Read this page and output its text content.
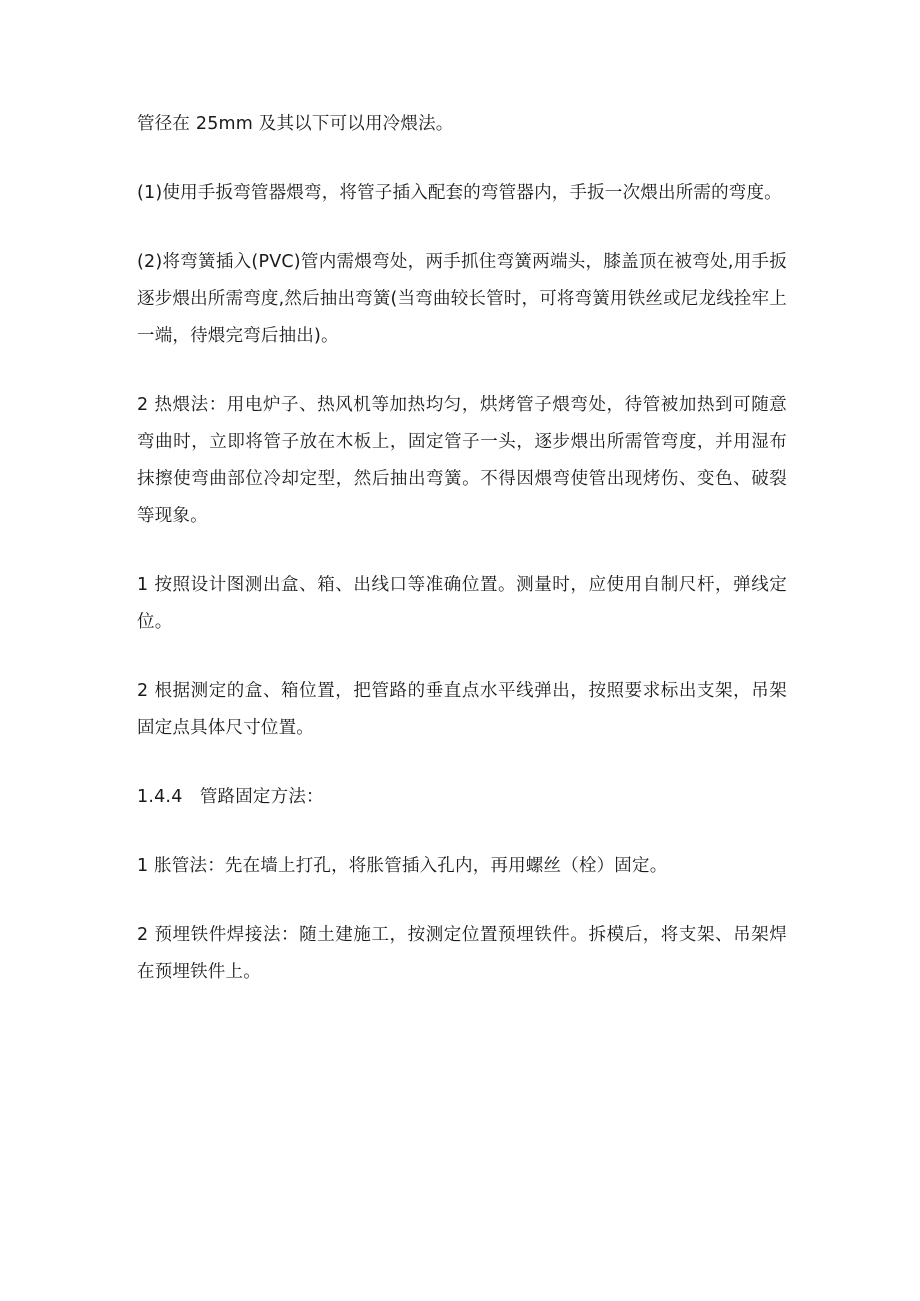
管径在 25mm 及其以下可以用冷煨法。

(1)使用手扳弯管器煨弯，将管子插入配套的弯管器内，手扳一次煨出所需的弯度。

(2)将弯簧插入(PVC)管内需煨弯处，两手抓住弯簧两端头，膝盖顶在被弯处,用手扳逐步煨出所需弯度,然后抽出弯簧(当弯曲较长管时，可将弯簧用铁丝或尼龙线拴牢上一端，待煨完弯后抽出)。

2 热煨法：用电炉子、热风机等加热均匀，烘烤管子煨弯处，待管被加热到可随意弯曲时，立即将管子放在木板上，固定管子一头，逐步煨出所需管弯度，并用湿布抹擦使弯曲部位冷却定型，然后抽出弯簧。不得因煨弯使管出现烤伤、变色、破裂等现象。

1 按照设计图测出盒、箱、出线口等准确位置。测量时，应使用自制尺杆，弹线定位。

2 根据测定的盒、箱位置，把管路的垂直点水平线弹出，按照要求标出支架，吊架固定点具体尺寸位置。

1.4.4   管路固定方法：

1 胀管法：先在墙上打孔，将胀管插入孔内，再用螺丝（栓）固定。

2 预埋铁件焊接法：随土建施工，按测定位置预埋铁件。拆模后，将支架、吊架焊在预埋铁件上。
